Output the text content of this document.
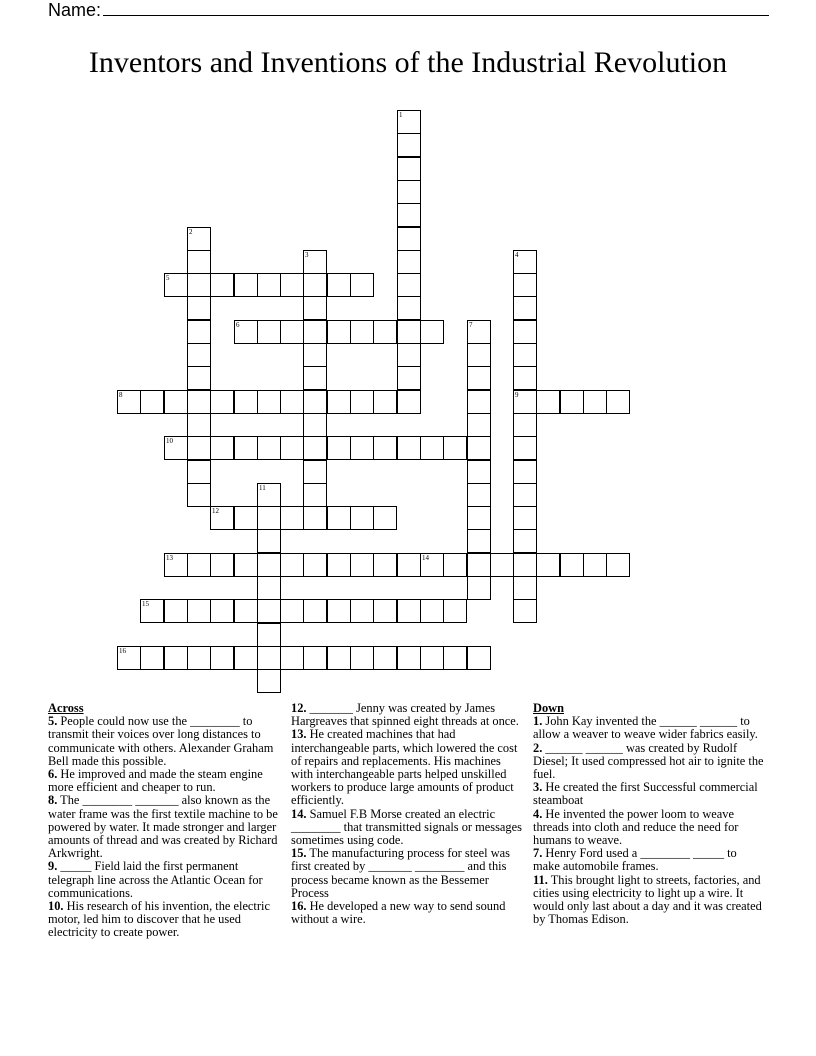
Name:
Inventors and Inventions of the Industrial Revolution
1
2
3	4
9
5
6	7
8
10
11
12
13	14
15
16
Across
5. People could now use the ________ to transmit their voices over long distances to communicate with others. Alexander Graham Bell made this possible.
6. He improved and made the steam engine more efficient and cheaper to run.
8. The ________ _______ also known as the water frame was the first textile machine to be powered by water. It made stronger and larger amounts of thread and was created by Richard Arkwright.
9. _____ Field laid the first permanent telegraph line across the Atlantic Ocean for communications.
10. His research of his invention, the electric motor, led him to discover that he used electricity to create power.
12. _______ Jenny was created by James Hargreaves that spinned eight threads at once.
13. He created machines that had interchangeable parts, which lowered the cost of repairs and replacements. His machines with interchangeable parts helped unskilled workers to produce large amounts of product efficiently.
14. Samuel F.B Morse created an electric ________ that transmitted signals or messages sometimes using code.
15. The manufacturing process for steel was first created by _______ ________ and this process became known as the Bessemer Process
16. He developed a new way to send sound without a wire.
Down
1. John Kay invented the ______ ______ to allow a weaver to weave wider fabrics easily.
2. ______ ______ was created by Rudolf Diesel; It used compressed hot air to ignite the fuel.
3. He created the first Successful commercial steamboat
4. He invented the power loom to weave threads into cloth and reduce the need for humans to weave.
7. Henry Ford used a ________ _____ to make automobile frames.
11. This brought light to streets, factories, and cities using electricity to light up a wire. It would only last about a day and it was created by Thomas Edison.
